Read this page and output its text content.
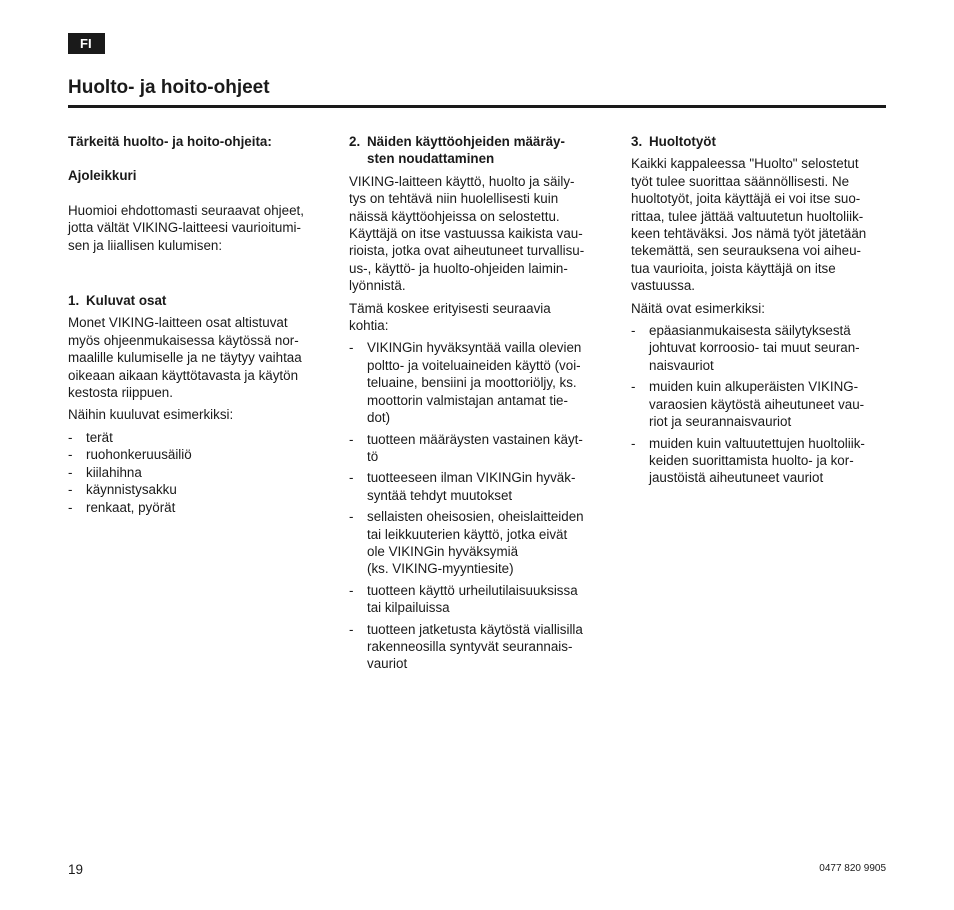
FI
Huolto- ja hoito-ohjeet

Tärkeitä huolto- ja hoito-ohjeita:

Ajoleikkuri

Huomioi ehdottomasti seuraavat ohjeet,
jotta vältät VIKING-laitteesi vaurioitumi-
sen ja liiallisen kulumisen:

1. Kuluvat osat

Monet VIKING-laitteen osat altistuvat
myös ohjeenmukaisessa käytössä nor-
maalille kulumiselle ja ne täytyy vaihtaa
oikeaan aikaan käyttötavasta ja käytön
kestosta riippuen.

Näihin kuuluvat esimerkiksi:

-	terät
-	ruohonkeruusäiliö
-	kiilahihna
-	käynnistysakku
-	renkaat, pyörät
2. Näiden käyttöohjeiden määräy-
sten noudattaminen

VIKING-laitteen käyttö, huolto ja säily-
tys on tehtävä niin huolellisesti kuin
näissä käyttöohjeissa on selostettu.
Käyttäjä on itse vastuussa kaikista vau-
rioista, jotka ovat aiheutuneet turvallisu-
us-, käyttö- ja huolto-ohjeiden laimin-
lyönnistä.

Tämä koskee erityisesti seuraavia
kohtia:

-	VIKINGin hyväksyntää vailla olevien
poltto- ja voiteluaineiden käyttö (voi-
teluaine, bensiini ja moottoriöljy, ks.
moottorin valmistajan antamat tie-
dot)
-	tuotteen määräysten vastainen käyt-
tö
-	tuotteeseen ilman VIKINGin hyväk-
syntää tehdyt muutokset
-	sellaisten oheisosien, oheislaitteiden
tai leikkuuterien käyttö, jotka eivät
ole VIKINGin hyväksymiä
(ks. VIKING-myyntiesite)
-	tuotteen käyttö urheilutilaisuuksissa
tai kilpailuissa
-	tuotteen jatketusta käytöstä viallisilla
rakenneosilla syntyvät seurannais-
vauriot
3. Huoltotyöt

Kaikki kappaleessa "Huolto" selostetut
työt tulee suorittaa säännöllisesti. Ne
huoltotyöt, joita käyttäjä ei voi itse suo-
rittaa, tulee jättää valtuutetun huoltoliik-
keen tehtäväksi. Jos nämä työt jätetään
tekemättä, sen seurauksena voi aiheu-
tua vaurioita, joista käyttäjä on itse
vastuussa.

Näitä ovat esimerkiksi:

-	epäasianmukaisesta säilytyksestä
johtuvat korroosio- tai muut seuran-
naisvauriot
-	muiden kuin alkuperäisten VIKING-
varaosien käytöstä aiheutuneet vau-
riot ja seurannaisvauriot
-	muiden kuin valtuutettujen huoltoliik-
keiden suorittamista huolto- ja kor-
jaustöistä aiheutuneet vauriot
19	0477 820 9905
